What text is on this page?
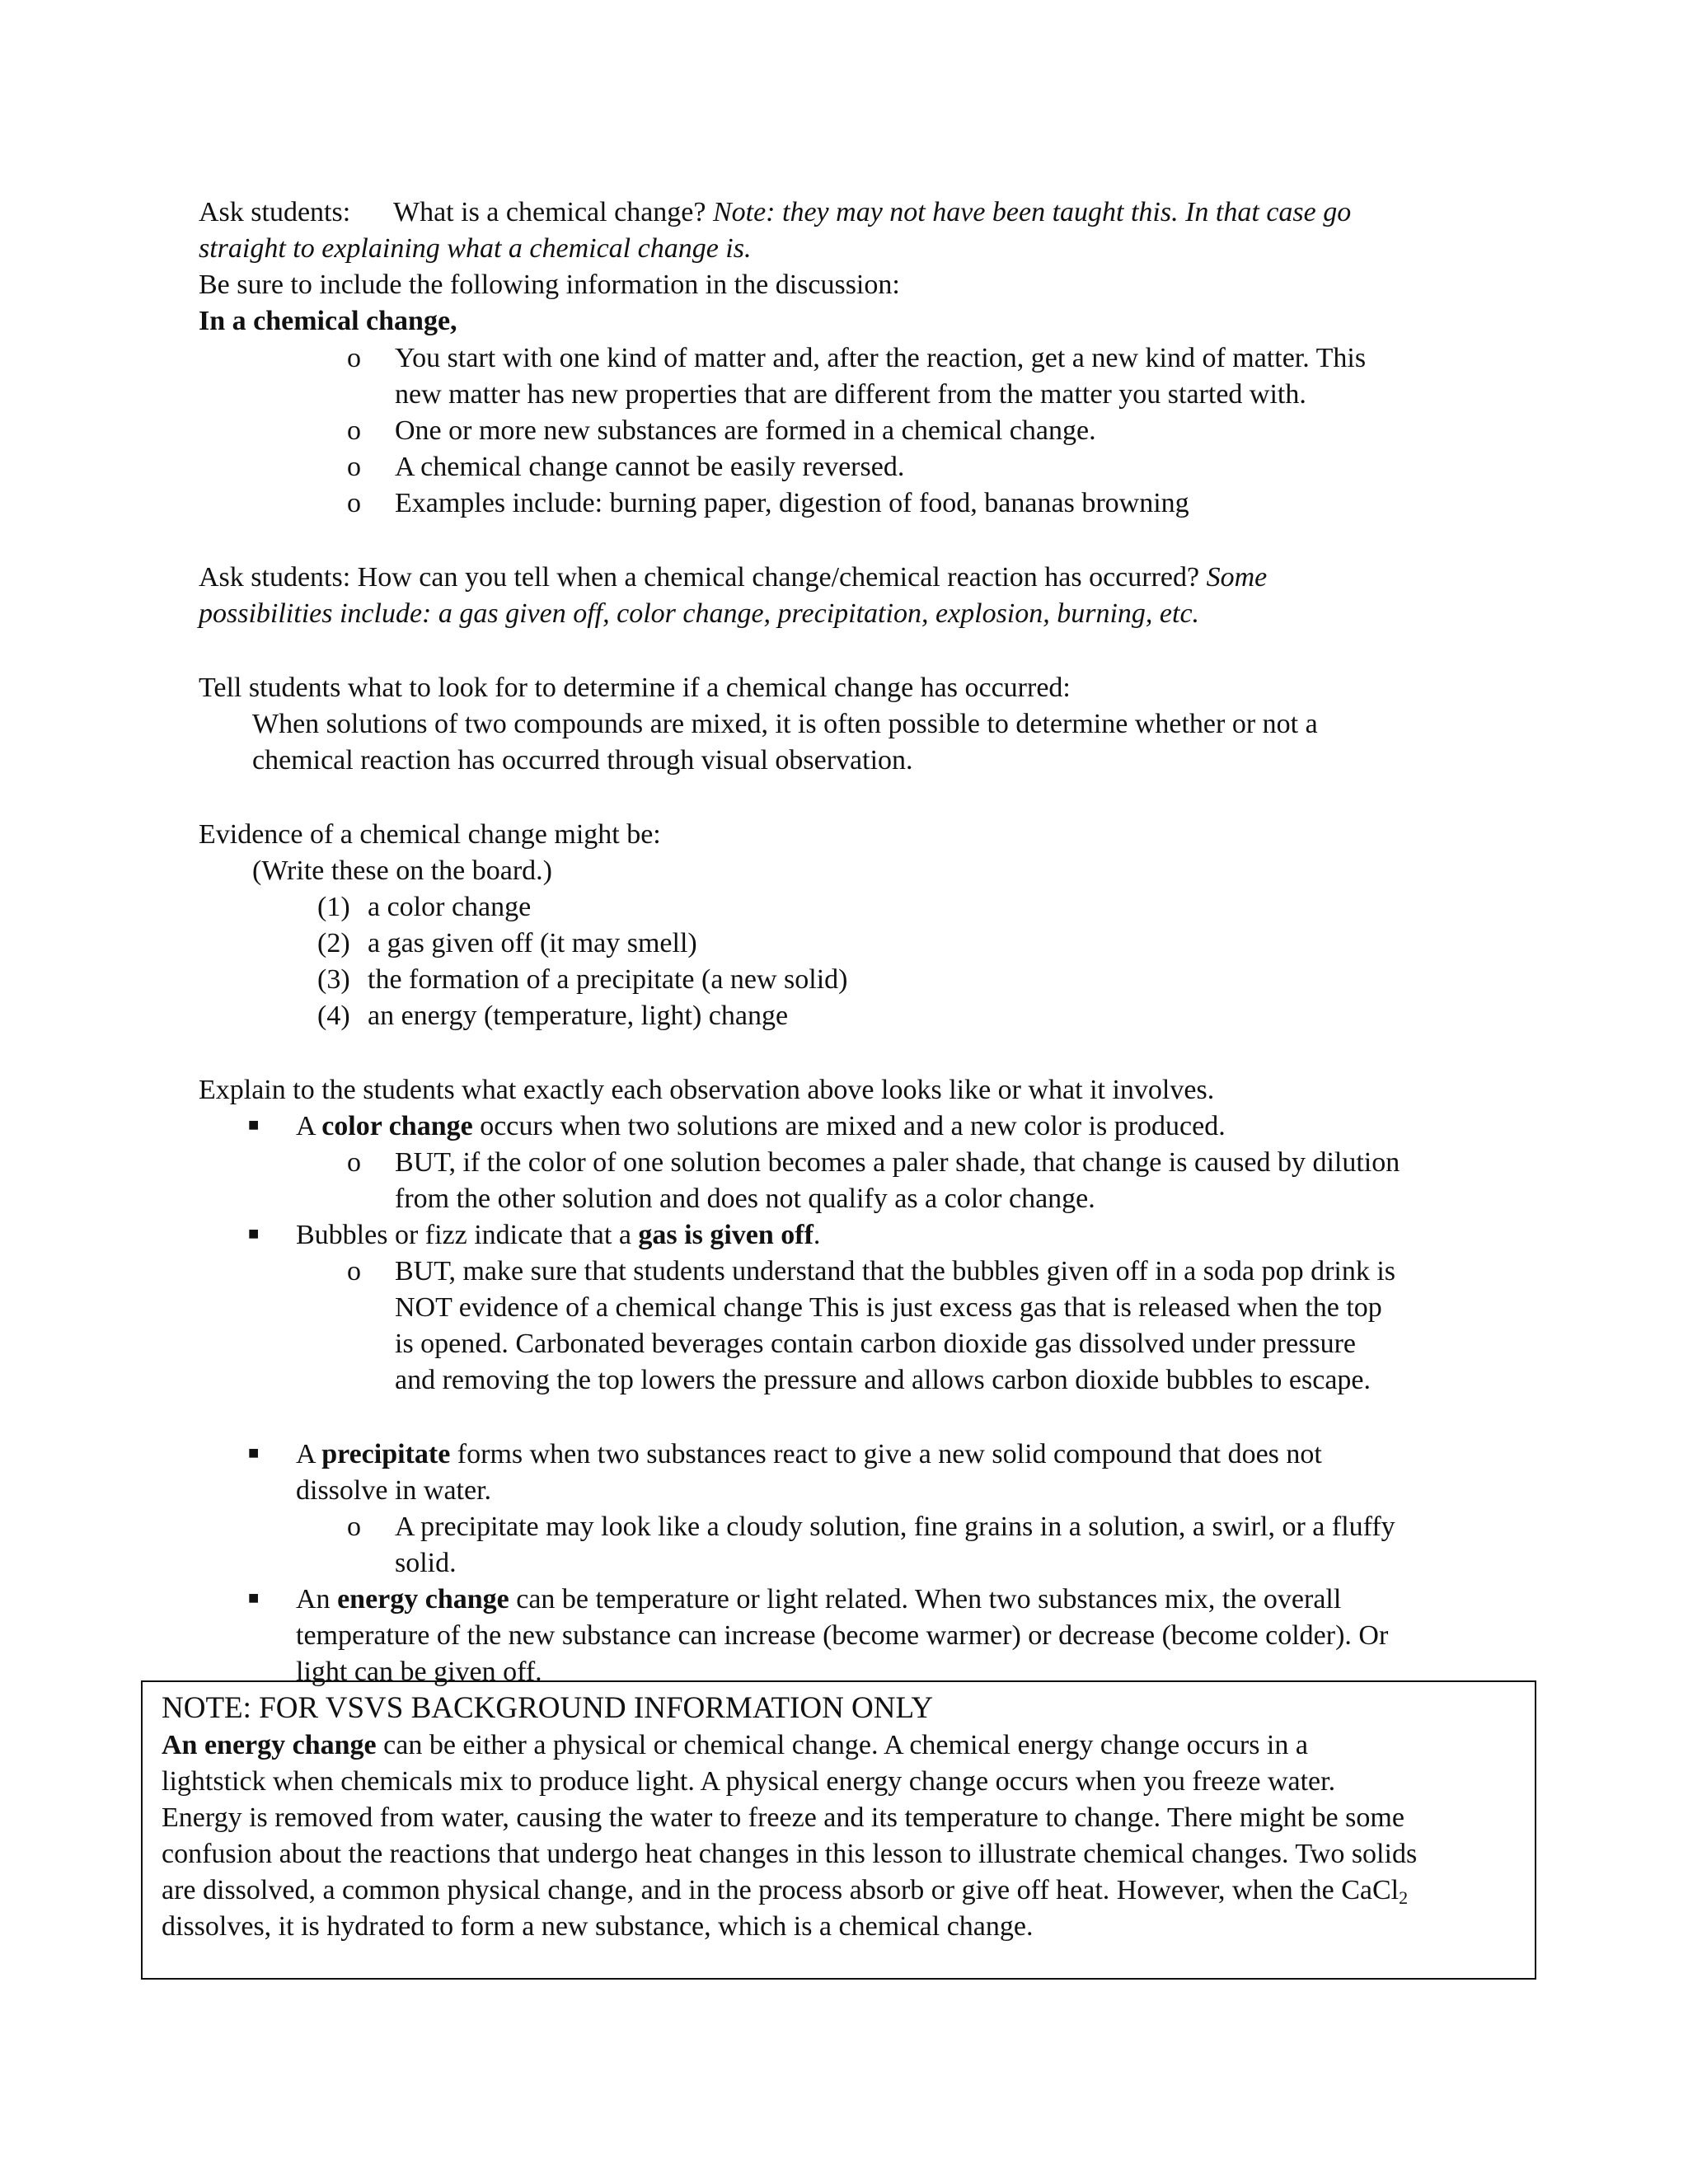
Ask students: What is a chemical change? Note: they may not have been taught this. In that case go
straight to explaining what a chemical change is.
Be sure to include the following information in the discussion:
In a chemical change,
o You start with one kind of matter and, after the reaction, get a new kind of matter. This
new matter has new properties that are different from the matter you started with.
o One or more new substances are formed in a chemical change.
o A chemical change cannot be easily reversed.
o Examples include: burning paper, digestion of food, bananas browning
Ask students: How can you tell when a chemical change/chemical reaction has occurred? Some
possibilities include: a gas given off, color change, precipitation, explosion, burning, etc.
Tell students what to look for to determine if a chemical change has occurred:
When solutions of two compounds are mixed, it is often possible to determine whether or not a
chemical reaction has occurred through visual observation.
Evidence of a chemical change might be:
(Write these on the board.)
(1) a color change
(2) a gas given off (it may smell)
(3) the formation of a precipitate (a new solid)
(4) an energy (temperature, light) change
Explain to the students what exactly each observation above looks like or what it involves.
■ A color change occurs when two solutions are mixed and a new color is produced.
o BUT, if the color of one solution becomes a paler shade, that change is caused by dilution
from the other solution and does not qualify as a color change.
■ Bubbles or fizz indicate that a gas is given off.
o BUT, make sure that students understand that the bubbles given off in a soda pop drink is
NOT evidence of a chemical change This is just excess gas that is released when the top
is opened. Carbonated beverages contain carbon dioxide gas dissolved under pressure
and removing the top lowers the pressure and allows carbon dioxide bubbles to escape.
■ A precipitate forms when two substances react to give a new solid compound that does not
dissolve in water.
o A precipitate may look like a cloudy solution, fine grains in a solution, a swirl, or a fluffy
solid.
■ An energy change can be temperature or light related. When two substances mix, the overall
temperature of the new substance can increase (become warmer) or decrease (become colder). Or
light can be given off.
NOTE: FOR VSVS BACKGROUND INFORMATION ONLY
An energy change can be either a physical or chemical change. A chemical energy change occurs in a
lightstick when chemicals mix to produce light. A physical energy change occurs when you freeze water.
Energy is removed from water, causing the water to freeze and its temperature to change. There might be some
confusion about the reactions that undergo heat changes in this lesson to illustrate chemical changes. Two solids
are dissolved, a common physical change, and in the process absorb or give off heat. However, when the CaCl$_2$
dissolves, it is hydrated to form a new substance, which is a chemical change.
